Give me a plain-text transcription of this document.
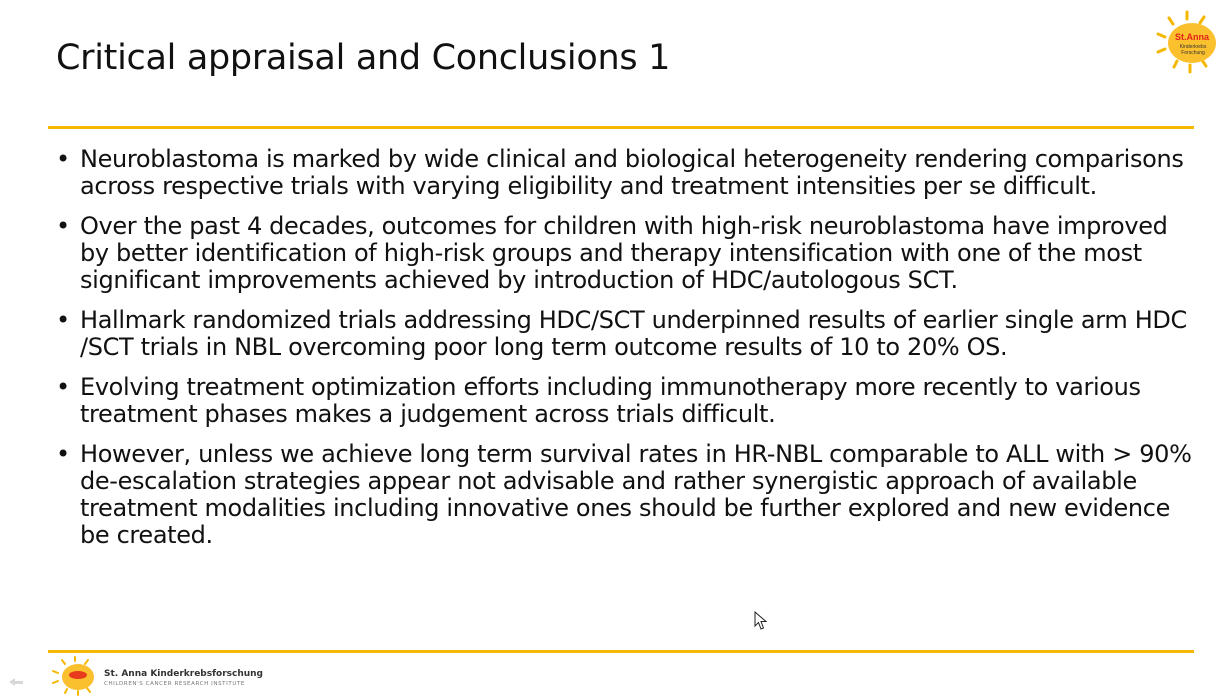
Critical appraisal and Conclusions 1
St.Anna
Kinderkrebs
Forschung
• Neuroblastoma is marked by wide clinical and biological heterogeneity rendering comparisons across respective trials with varying eligibility and treatment intensities per se difficult.
• Over the past 4 decades, outcomes for children with high-risk neuroblastoma have improved by better identification of high-risk groups and therapy intensification with one of the most significant improvements achieved by introduction of HDC/autologous SCT.
• Hallmark randomized trials addressing HDC/SCT underpinned results of earlier single arm HDC /SCT trials in NBL overcoming poor long term outcome results of 10 to 20% OS.
• Evolving treatment optimization efforts including immunotherapy more recently to various treatment phases makes a judgement across trials difficult.
• However, unless we achieve long term survival rates in HR-NBL comparable to ALL with > 90% de-escalation strategies appear not advisable and rather synergistic approach of available treatment modalities including innovative ones should be further explored and new evidence be created.
St. Anna Kinderkrebsforschung
CHILDREN'S CANCER RESEARCH INSTITUTE
